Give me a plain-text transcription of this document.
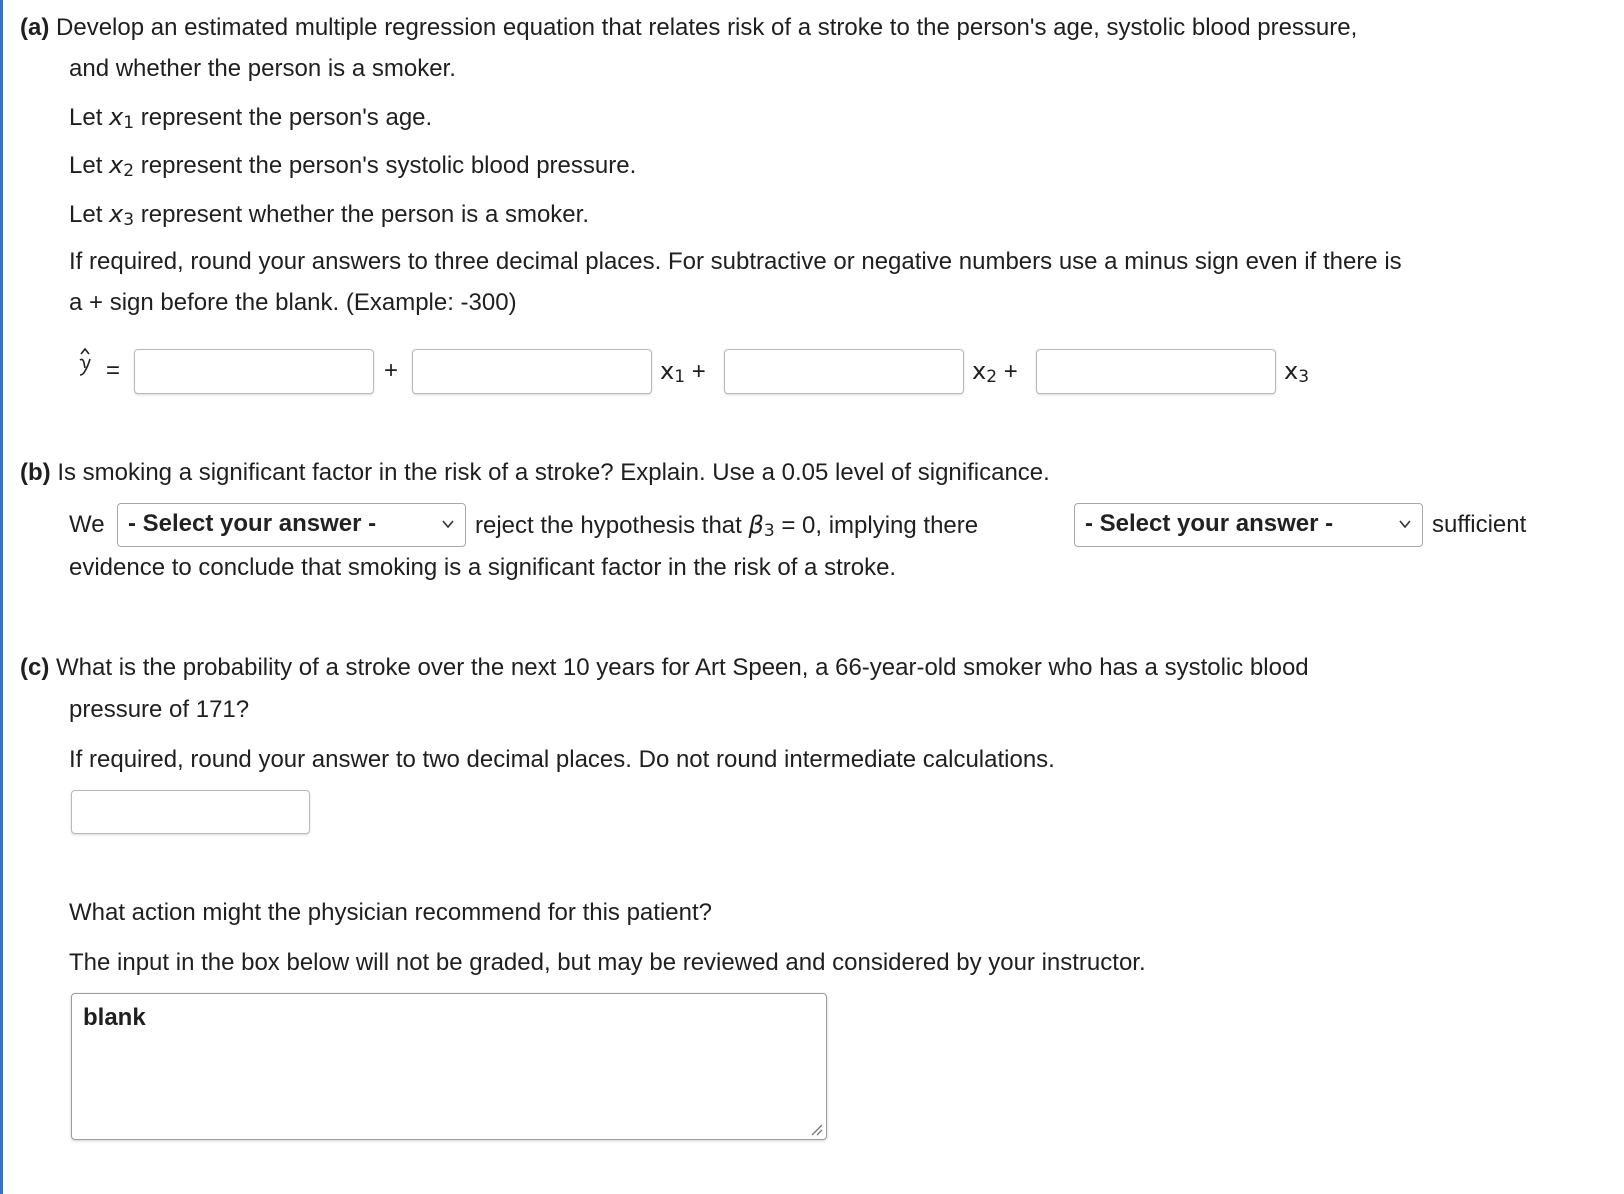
(a) Develop an estimated multiple regression equation that relates risk of a stroke to the person's age, systolic blood pressure,
and whether the person is a smoker.
Let $x_1$ represent the person's age.
Let $x_2$ represent the person's systolic blood pressure.
Let $x_3$ represent whether the person is a smoker.
If required, round your answers to three decimal places. For subtractive or negative numbers use a minus sign even if there is
a + sign before the blank. (Example: -300)
=	+	$x_1$ +	$x_2$ +	$x_3$
(b) Is smoking a significant factor in the risk of a stroke? Explain. Use a 0.05 level of significance.
We - Select your answer -	reject the hypothesis that $\beta_3 = 0$, implying there	- Select your answer -	sufficient
evidence to conclude that smoking is a significant factor in the risk of a stroke.
(c) What is the probability of a stroke over the next 10 years for Art Speen, a 66-year-old smoker who has a systolic blood
pressure of 171?
If required, round your answer to two decimal places. Do not round intermediate calculations.
What action might the physician recommend for this patient?
The input in the box below will not be graded, but may be reviewed and considered by your instructor.
blank
